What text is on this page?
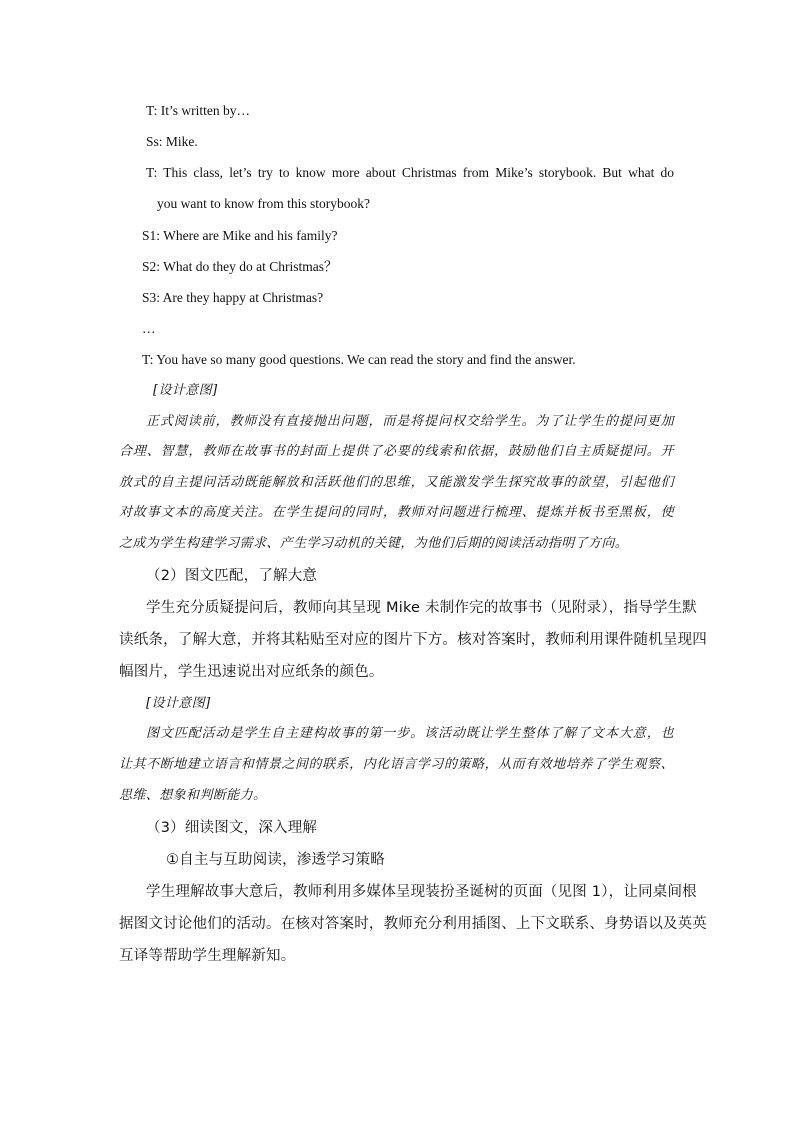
T: It’s written by…
Ss: Mike.
T: This class, let’s try to know more about Christmas from Mike’s storybook. But what do
you want to know from this storybook?
S1: Where are Mike and his family?
S2: What do they do at Christmas？
S3: Are they happy at Christmas?
…
T: You have so many good questions. We can read the story and find the answer.
[设计意图]
正式阅读前，教师没有直接抛出问题，而是将提问权交给学生。为了让学生的提问更加
合理、智慧，教师在故事书的封面上提供了必要的线索和依据，鼓励他们自主质疑提问。开
放式的自主提问活动既能解放和活跃他们的思维，又能激发学生探究故事的欲望，引起他们
对故事文本的高度关注。在学生提问的同时，教师对问题进行梳理、提炼并板书至黑板，使
之成为学生构建学习需求、产生学习动机的关键，为他们后期的阅读活动指明了方向。
（2）图文匹配，了解大意
学生充分质疑提问后，教师向其呈现 Mike 未制作完的故事书（见附录），指导学生默
读纸条，了解大意，并将其粘贴至对应的图片下方。核对答案时，教师利用课件随机呈现四
幅图片，学生迅速说出对应纸条的颜色。
[设计意图]
图文匹配活动是学生自主建构故事的第一步。该活动既让学生整体了解了文本大意，也
让其不断地建立语言和情景之间的联系，内化语言学习的策略，从而有效地培养了学生观察、
思维、想象和判断能力。
（3）细读图文，深入理解
①自主与互助阅读，渗透学习策略
学生理解故事大意后，教师利用多媒体呈现装扮圣诞树的页面（见图 1），让同桌间根
据图文讨论他们的活动。在核对答案时，教师充分利用插图、上下文联系、身势语以及英英
互译等帮助学生理解新知。
